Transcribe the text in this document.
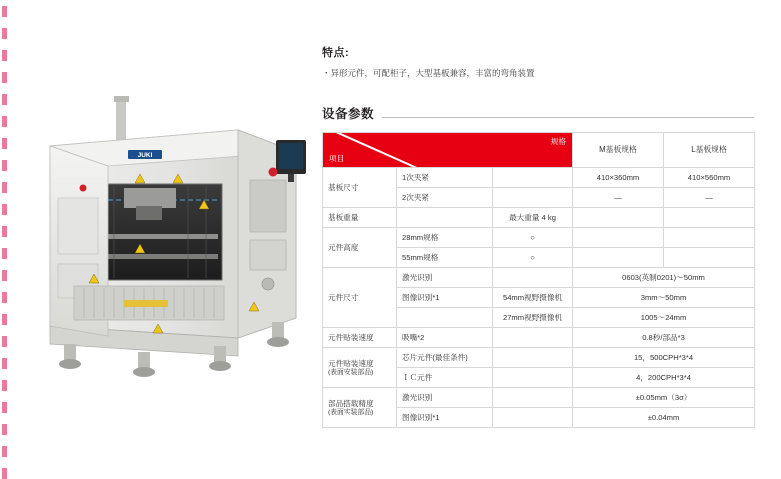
JUKI

特点:

・异形元件，可配柜子，大型基板兼容，丰富的弯角装置

设备参数
规格
项目			M基板规格	L基板规格
基板尺寸	1次夹紧		410×360mm	410×560mm
	2次夹紧		—	—
基板重量		最大重量 4 kg		
元件高度	28mm规格	○		
	55mm规格	○		
元件尺寸	激光识别		0603(英制0201)～50mm	
	图像识别*1	54mm视野摄像机	3mm～50mm	
		27mm视野摄像机	1005～24mm	
元件贴装速度	吸嘴*2		0.8秒/部品*3	
元件贴装速度
(表面安装部品)	芯片元件(最佳条件)		15，500CPH*3*4	
	ＩＣ元件		4，200CPH*3*4	
部品搭载精度
(表面实装部品)	激光识别		±0.05mm（3σ）	
	图像识别*1		±0.04mm	
